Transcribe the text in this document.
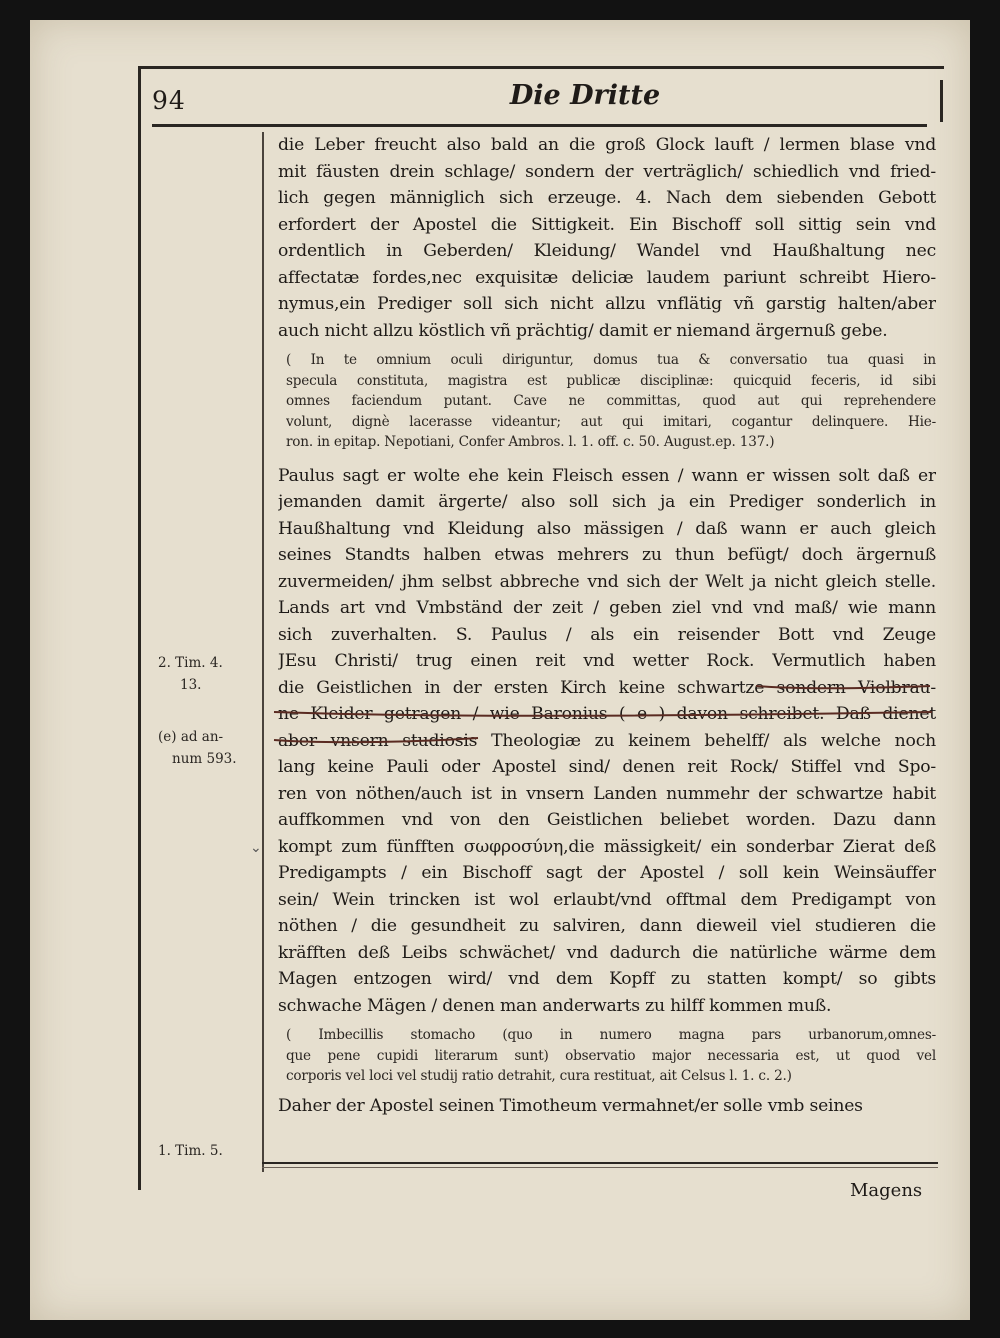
94	Die Dritte
die Leber freucht also bald an die groß Glock lauft / lermen blase vnd
mit fäusten drein schlage/ sondern der verträglich/ schiedlich vnd fried-
lich gegen männiglich sich erzeuge. 4. Nach dem siebenden Gebott
erfordert der Apostel die Sittigkeit. Ein Bischoff soll sittig sein vnd
ordentlich in Geberden/ Kleidung/ Wandel vnd Haußhaltung nec
affectatæ fordes,nec exquisitæ deliciæ laudem pariunt schreibt Hiero-
nymus,ein Prediger soll sich nicht allzu vnflätig vñ garstig halten/aber
auch nicht allzu köstlich vñ prächtig/ damit er niemand ärgernuß gebe.
( In te omnium oculi diriguntur, domus tua & conversatio tua quasi in
specula constituta, magistra est publicæ disciplinæ: quicquid feceris, id sibi
omnes faciendum putant. Cave ne committas, quod aut qui reprehendere
volunt, dignè lacerasse videantur; aut qui imitari, cogantur delinquere. Hie-
ron. in epitap. Nepotiani, Confer Ambros. l. 1. off. c. 50. August.ep. 137.)
Paulus sagt er wolte ehe kein Fleisch essen / wann er wissen solt daß er
jemanden damit ärgerte/ also soll sich ja ein Prediger sonderlich in
Haußhaltung vnd Kleidung also mässigen / daß wann er auch gleich
seines Standts halben etwas mehrers zu thun befügt/ doch ärgernuß
zuvermeiden/ jhm selbst abbreche vnd sich der Welt ja nicht gleich stelle.
Lands art vnd Vmbständ der zeit / geben ziel vnd vnd maß/ wie mann
sich zuverhalten. S. Paulus / als ein reisender Bott vnd Zeuge
JEsu Christi/ trug einen reit vnd wetter Rock. Vermutlich haben
die Geistlichen in der ersten Kirch keine schwartze sondern Violbrau-
ne Kleider getragen / wie Baronius ( e ) davon schreibet. Daß dienet
aber vnsern studiosis Theologiæ zu keinem behelff/ als welche noch
lang keine Pauli oder Apostel sind/ denen reit Rock/ Stiffel vnd Spo-
ren von nöthen/auch ist in vnsern Landen nummehr der schwartze habit
auffkommen vnd von den Geistlichen beliebet worden. Dazu dann
kompt zum fünfften σωφροσύνη,die mässigkeit/ ein sonderbar Zierat deß
Predigampts / ein Bischoff sagt der Apostel / soll kein Weinsäuffer
sein/ Wein trincken ist wol erlaubt/vnd offtmal dem Predigampt von
nöthen / die gesundheit zu salviren, dann dieweil viel studieren die
kräfften deß Leibs schwächet/ vnd dadurch die natürliche wärme dem
Magen entzogen wird/ vnd dem Kopff zu statten kompt/ so gibts
schwache Mägen / denen man anderwarts zu hilff kommen muß.
( Imbecillis stomacho (quo in numero magna pars urbanorum,omnes-
que pene cupidi literarum sunt) observatio major necessaria est, ut quod vel
corporis vel loci vel studij ratio detrahit, cura restituat, ait Celsus l. 1. c. 2.)
Daher der Apostel seinen Timotheum vermahnet/er solle vmb seines
2. Tim. 4.
13.
(e) ad an-
num 593.
1. Tim. 5.
⌄
Magens
